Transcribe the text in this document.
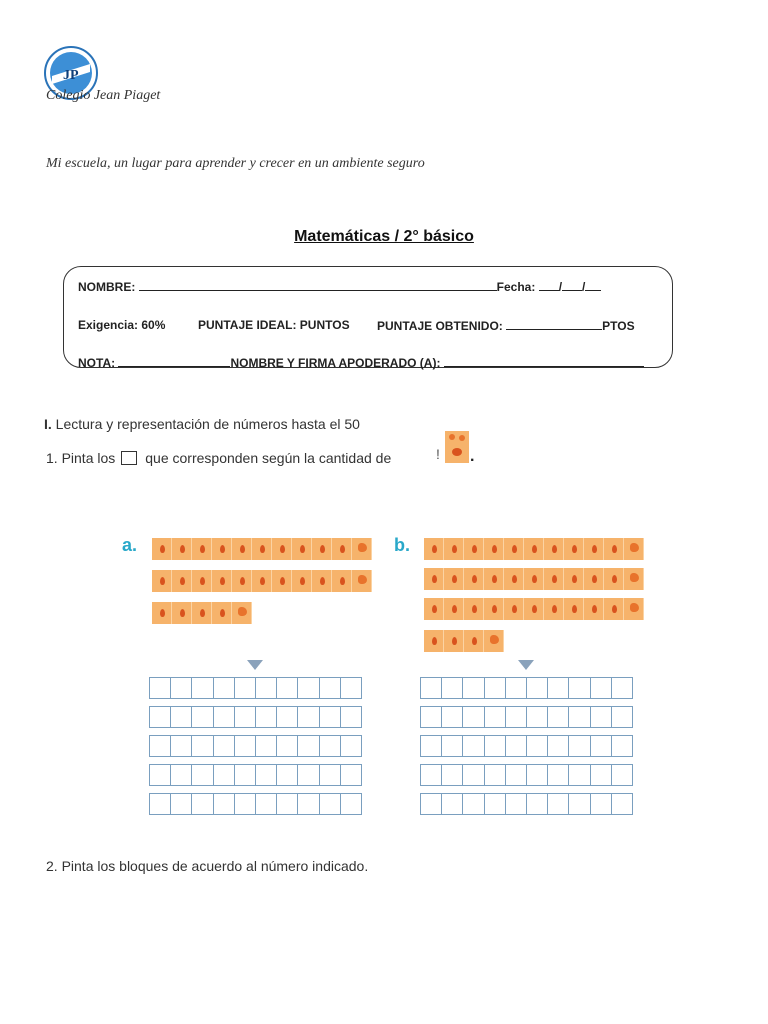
JP
Colegio Jean Piaget
Mi escuela, un lugar para aprender y crecer en un ambiente seguro
Matemáticas / 2° básico
NOMBRE:	Fecha: / /
Exigencia: 60%	PUNTAJE IDEAL: PUNTOS PUNTAJE OBTENIDO:	PTOS
NOTA:	NOMBRE Y FIRMA APODERADO (A):
I. Lectura y representación de números hasta el 50
1. Pinta los que corresponden según la cantidad de	! .
a.	b.
2. Pinta los bloques de acuerdo al número indicado.
